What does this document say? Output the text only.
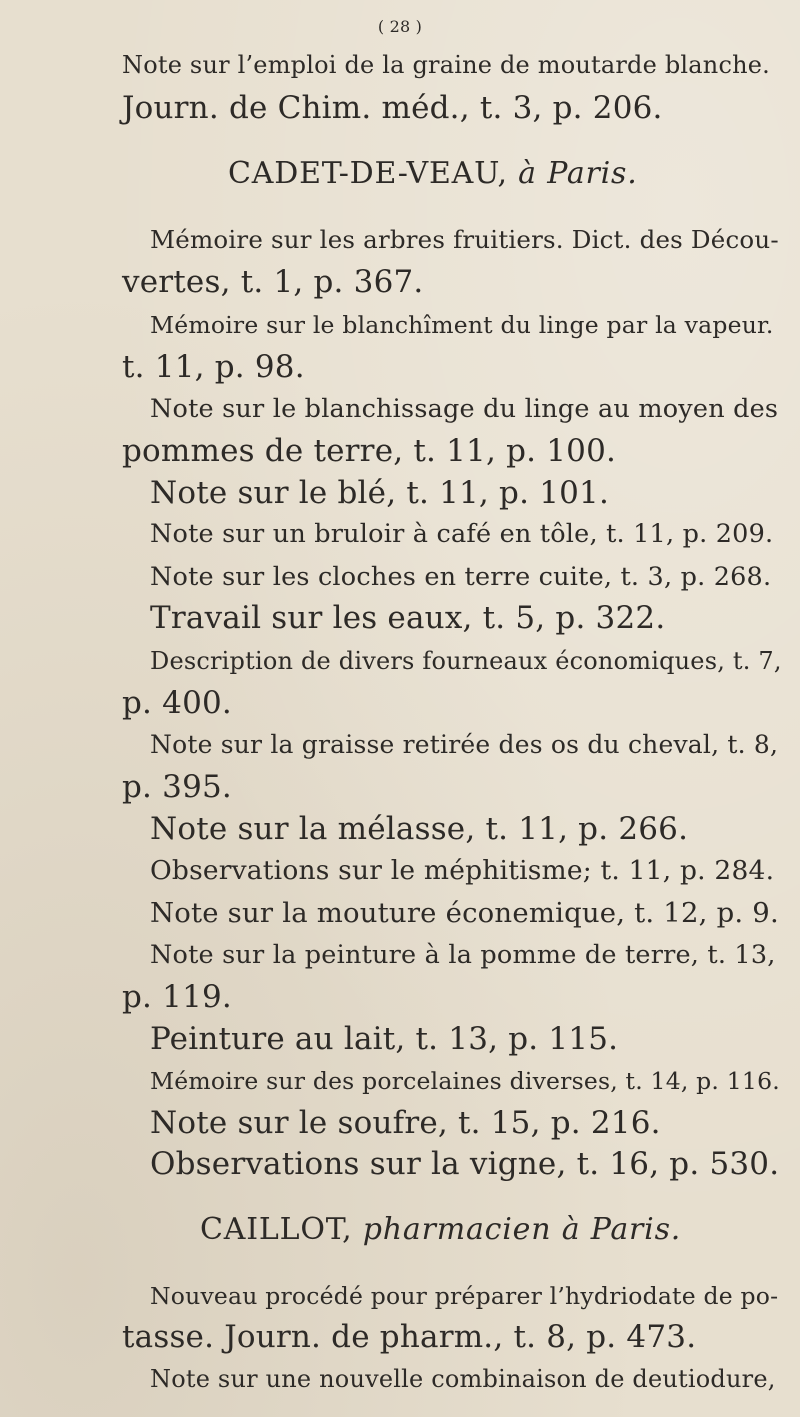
( 28 )
Note sur l’emploi de la graine de moutarde blanche.
Journ. de Chim. méd., t. 3, p. 206.
CADET-DE-VEAU, à Paris.
Mémoire sur les arbres fruitiers. Dict. des Décou-
vertes, t. 1, p. 367.
Mémoire sur le blanchîment du linge par la vapeur.
t. 11, p. 98.
Note sur le blanchissage du linge au moyen des
pommes de terre, t. 11, p. 100.
Note sur le blé, t. 11, p. 101.
Note sur un bruloir à café en tôle, t. 11, p. 209.
Note sur les cloches en terre cuite, t. 3, p. 268.
Travail sur les eaux, t. 5, p. 322.
Description de divers fourneaux économiques, t. 7,
p. 400.
Note sur la graisse retirée des os du cheval, t. 8,
p. 395.
Note sur la mélasse, t. 11, p. 266.
Observations sur le méphitisme; t. 11, p. 284.
Note sur la mouture éconemique, t. 12, p. 9.
Note sur la peinture à la pomme de terre, t. 13,
p. 119.
Peinture au lait, t. 13, p. 115.
Mémoire sur des porcelaines diverses, t. 14, p. 116.
Note sur le soufre, t. 15, p. 216.
Observations sur la vigne, t. 16, p. 530.
CAILLOT, pharmacien à Paris.
Nouveau procédé pour préparer l’hydriodate de po-
tasse. Journ. de pharm., t. 8, p. 473.
Note sur une nouvelle combinaison de deutiodure,
